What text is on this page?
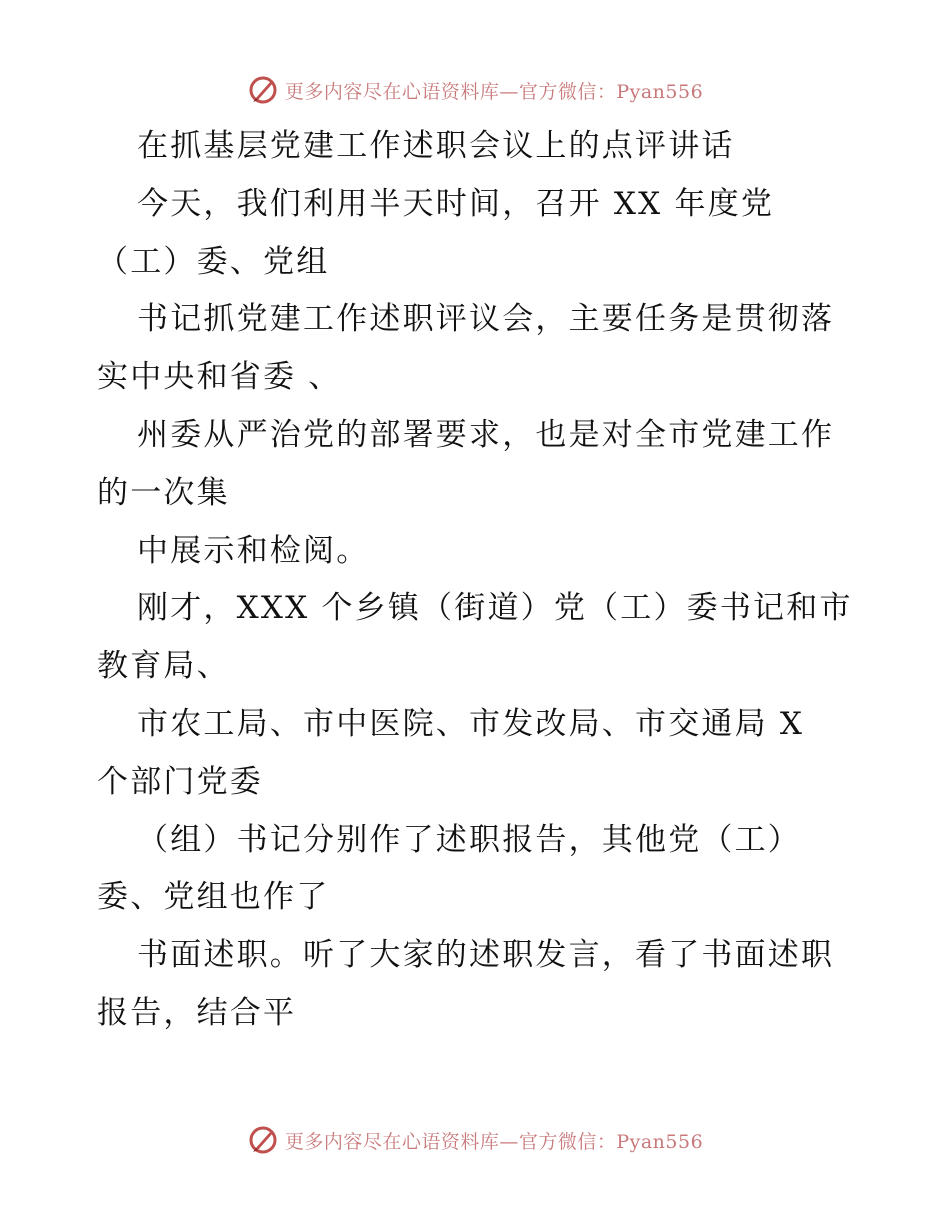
更多内容尽在心语资料库—官方微信：Pyan556
在抓基层党建工作述职会议上的点评讲话
今天，我们利用半天时间，召开 XX 年度党
（工）委、党组
书记抓党建工作述职评议会，主要任务是贯彻落
实中央和省委 、
州委从严治党的部署要求，也是对全市党建工作
的一次集
中展示和检阅。
刚才，XXX 个乡镇（街道）党（工）委书记和市
教育局、
市农工局、市中医院、市发改局、市交通局 X
个部门党委
（组）书记分别作了述职报告，其他党（工）
委、党组也作了
书面述职。听了大家的述职发言，看了书面述职
报告，结合平
更多内容尽在心语资料库—官方微信：Pyan556
